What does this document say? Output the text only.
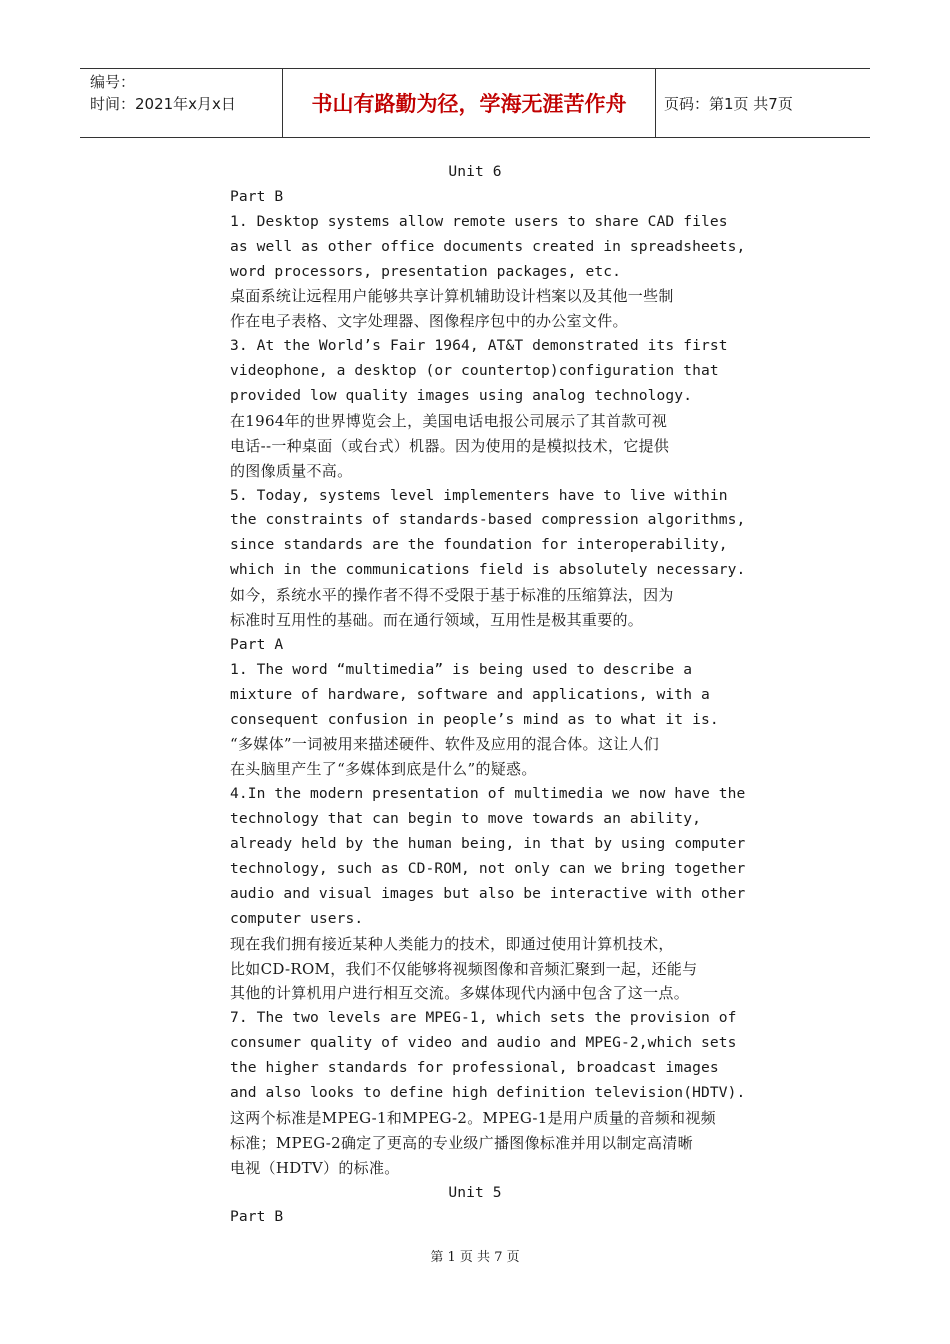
编号：
时间：2021年x月x日	书山有路勤为径，学海无涯苦作舟	页码：第1页 共7页
Unit 6
Part B
1. Desktop systems allow remote users to share CAD files
as well as other office documents created in spreadsheets,
word processors, presentation packages, etc.
桌面系统让远程用户能够共享计算机辅助设计档案以及其他一些制
作在电子表格、文字处理器、图像程序包中的办公室文件。
3. At the World’s Fair 1964, AT&T demonstrated its first
videophone, a desktop (or countertop)configuration that
provided low quality images using analog technology.
在1964年的世界博览会上，美国电话电报公司展示了其首款可视
电话--一种桌面（或台式）机器。因为使用的是模拟技术，它提供
的图像质量不高。
5. Today, systems level implementers have to live within
the constraints of standards-based compression algorithms,
since standards are the foundation for interoperability,
which in the communications field is absolutely necessary.
如今，系统水平的操作者不得不受限于基于标准的压缩算法，因为
标准时互用性的基础。而在通行领域，互用性是极其重要的。
Part A
1. The word “multimedia” is being used to describe a
mixture of hardware, software and applications, with a
consequent confusion in people’s mind as to what it is.
“多媒体”一词被用来描述硬件、软件及应用的混合体。这让人们
在头脑里产生了“多媒体到底是什么”的疑惑。
4.In the modern presentation of multimedia we now have the
technology that can begin to move towards an ability,
already held by the human being, in that by using computer
technology, such as CD-ROM, not only can we bring together
audio and visual images but also be interactive with other
computer users.
现在我们拥有接近某种人类能力的技术，即通过使用计算机技术，
比如CD-ROM，我们不仅能够将视频图像和音频汇聚到一起，还能与
其他的计算机用户进行相互交流。多媒体现代内涵中包含了这一点。
7. The two levels are MPEG-1, which sets the provision of
consumer quality of video and audio and MPEG-2,which sets
the higher standards for professional, broadcast images
and also looks to define high definition television(HDTV).
这两个标准是MPEG-1和MPEG-2。MPEG-1是用户质量的音频和视频
标准；MPEG-2确定了更高的专业级广播图像标准并用以制定高清晰
电视（HDTV）的标准。
Unit 5
Part B
第 1 页 共 7 页
